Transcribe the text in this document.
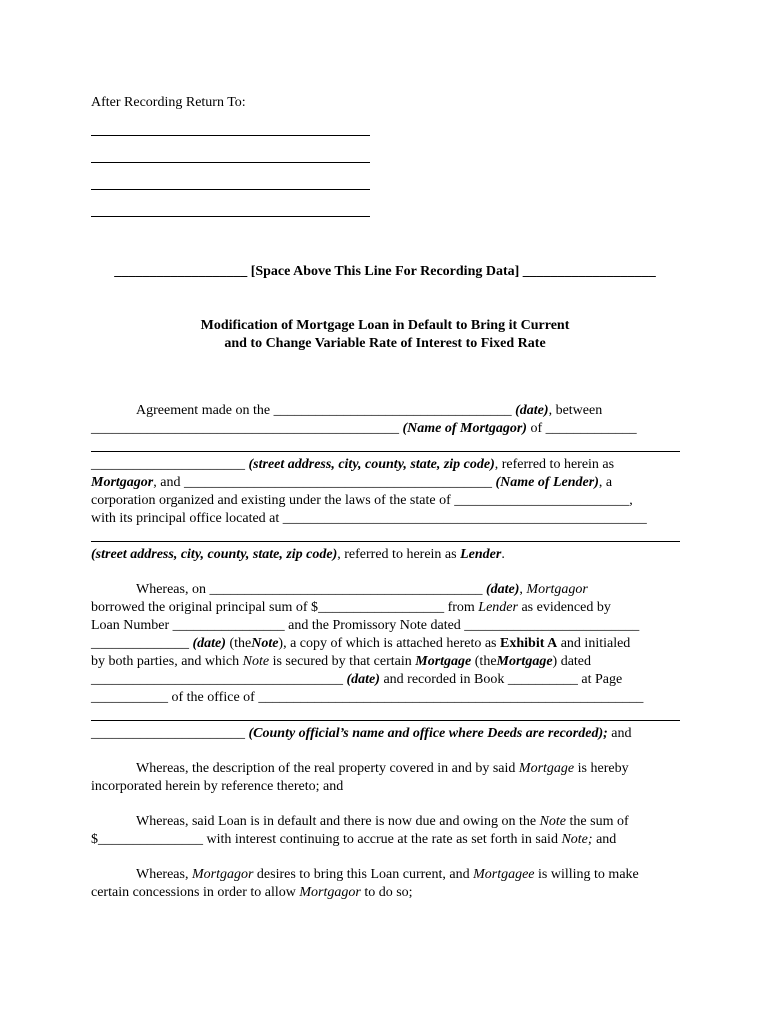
After Recording Return To:
___________________ [Space Above This Line For Recording Data] ___________________
Modification of Mortgage Loan in Default to Bring it Current
and to Change Variable Rate of Interest to Fixed Rate
Agreement made on the __________________________________ (date), between
____________________________________________ (Name of Mortgagor) of _____________
______________________ (street address, city, county, state, zip code), referred to herein as
Mortgagor, and ____________________________________________ (Name of Lender), a
corporation organized and existing under the laws of the state of _________________________,
with its principal office located at ____________________________________________________
(street address, city, county, state, zip code), referred to herein as Lender.
Whereas, on _______________________________________ (date), Mortgagor
borrowed the original principal sum of $__________________ from Lender as evidenced by
Loan Number ________________ and the Promissory Note dated _________________________
______________ (date) (theNote), a copy of which is attached hereto as Exhibit A and initialed
by both parties, and which Note is secured by that certain Mortgage (theMortgage) dated
____________________________________ (date) and recorded in Book __________ at Page
___________ of the office of _______________________________________________________
______________________ (County official’s name and office where Deeds are recorded); and
Whereas, the description of the real property covered in and by said Mortgage is hereby
incorporated herein by reference thereto; and
Whereas, said Loan is in default and there is now due and owing on the Note the sum of
$_______________ with interest continuing to accrue at the rate as set forth in said Note; and
Whereas, Mortgagor desires to bring this Loan current, and Mortgagee is willing to make
certain concessions in order to allow Mortgagor to do so;
